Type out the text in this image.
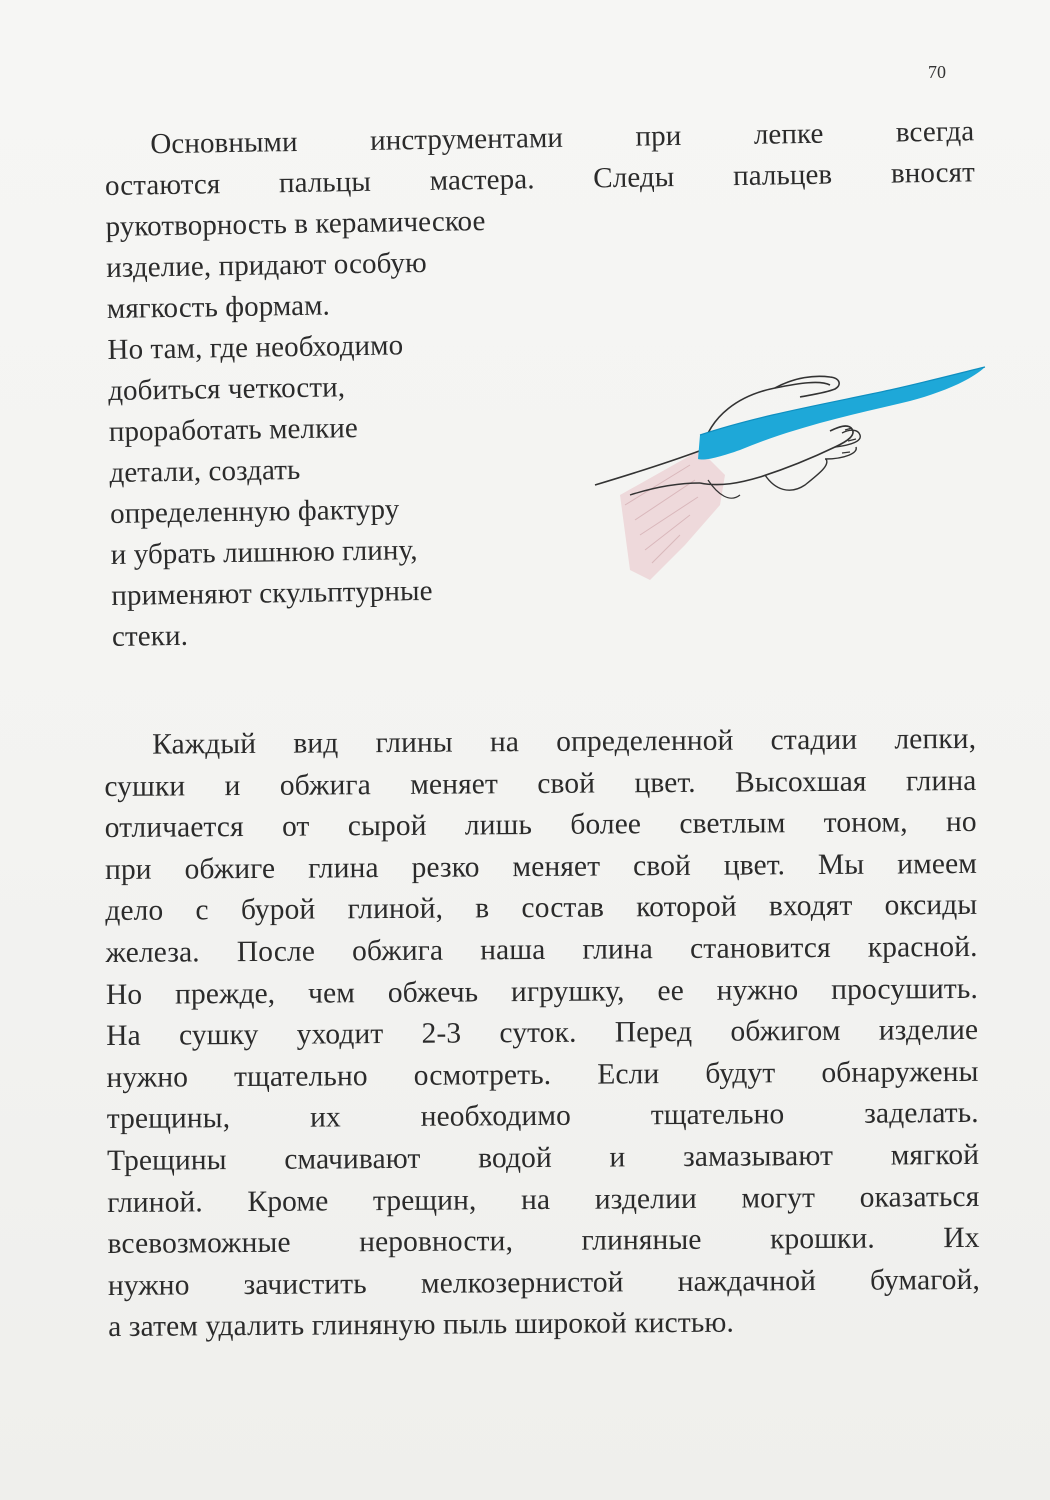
70
Основными инструментами при лепке всегда
остаются пальцы мастера. Следы пальцев вносят
рукотворность в керамическое
изделие, придают особую
мягкость формам.
Но там, где необходимо
добиться четкости,
проработать мелкие
детали, создать
определенную фактуру
и убрать лишнюю глину,
применяют скульптурные
стеки.
Каждый вид глины на определенной стадии лепки,
сушки и обжига меняет свой цвет. Высохшая глина
отличается от сырой лишь более светлым тоном, но
при обжиге глина резко меняет свой цвет. Мы имеем
дело с бурой глиной, в состав которой входят оксиды
железа. После обжига наша глина становится красной.
Но прежде, чем обжечь игрушку, ее нужно просушить.
На сушку уходит 2-3 суток. Перед обжигом изделие
нужно тщательно осмотреть. Если будут обнаружены
трещины, их необходимо тщательно заделать.
Трещины смачивают водой и замазывают мягкой
глиной. Кроме трещин, на изделии могут оказаться
всевозможные неровности, глиняные крошки. Их
нужно зачистить мелкозернистой наждачной бумагой,
а затем удалить глиняную пыль широкой кистью.
